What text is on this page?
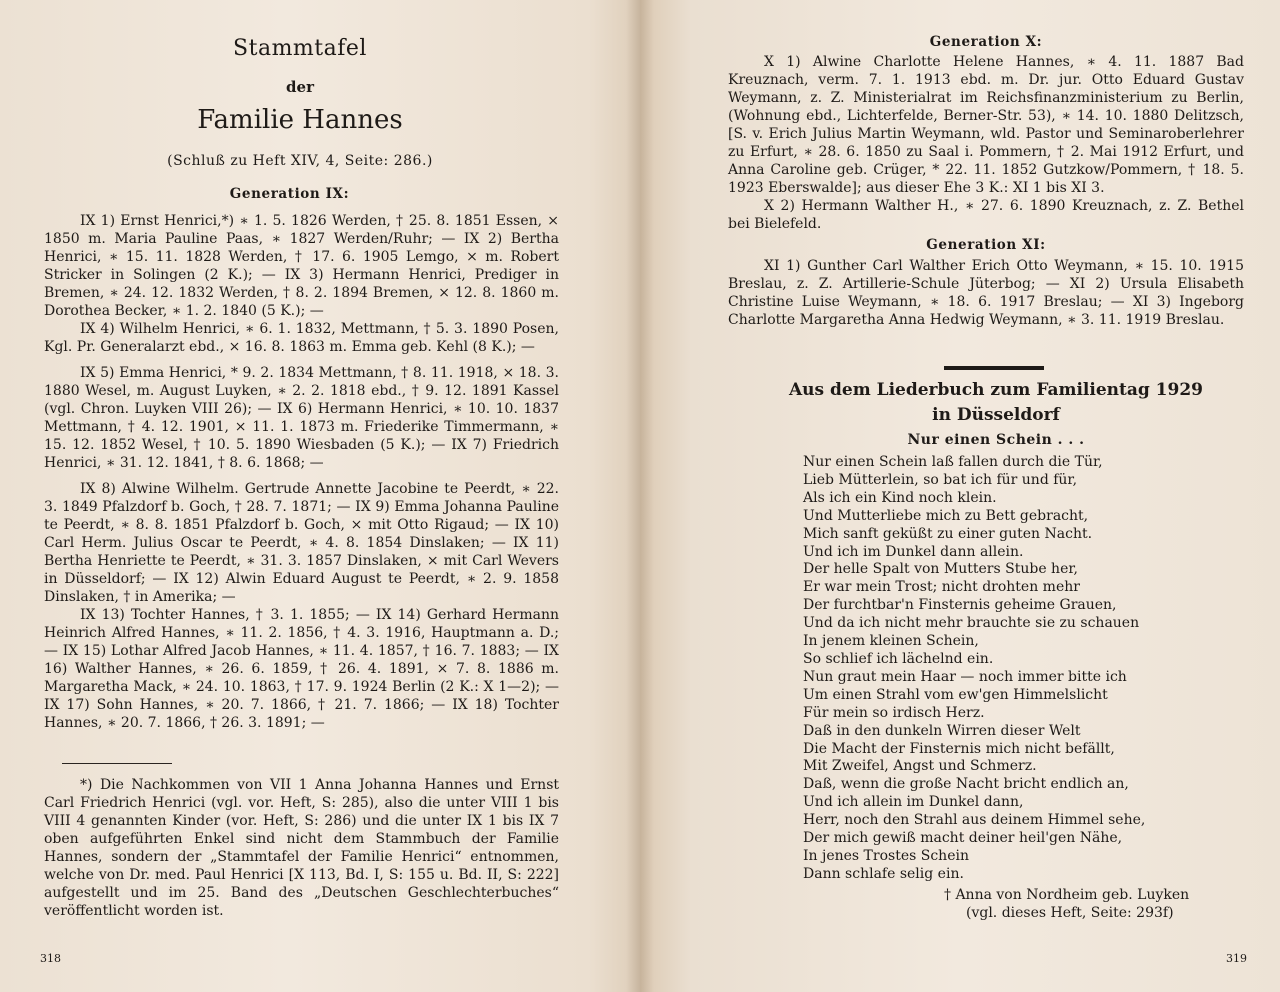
Stammtafel
der
Familie Hannes
(Schluß zu Heft XIV, 4, Seite: 286.)
Generation IX:

IX 1) Ernst Henrici,*) ∗ 1. 5. 1826 Werden, † 25. 8. 1851 Essen, × 1850 m. Maria Pauline Paas, ∗ 1827 Werden/Ruhr; — IX 2) Bertha Henrici, ∗ 15. 11. 1828 Werden, † 17. 6. 1905 Lemgo, × m. Robert Stricker in Solingen (2 K.); — IX 3) Hermann Henrici, Prediger in Bremen, ∗ 24. 12. 1832 Werden, † 8. 2. 1894 Bremen, × 12. 8. 1860 m. Dorothea Becker, ∗ 1. 2. 1840 (5 K.); —

IX 4) Wilhelm Henrici, ∗ 6. 1. 1832, Mettmann, † 5. 3. 1890 Posen, Kgl. Pr. Generalarzt ebd., × 16. 8. 1863 m. Emma geb. Kehl (8 K.); —

IX 5) Emma Henrici, * 9. 2. 1834 Mettmann, † 8. 11. 1918, × 18. 3. 1880 Wesel, m. August Luyken, ∗ 2. 2. 1818 ebd., † 9. 12. 1891 Kassel (vgl. Chron. Luyken VIII 26); — IX 6) Hermann Henrici, ∗ 10. 10. 1837 Mettmann, † 4. 12. 1901, × 11. 1. 1873 m. Friederike Timmermann, ∗ 15. 12. 1852 Wesel, † 10. 5. 1890 Wiesbaden (5 K.); — IX 7) Friedrich Henrici, ∗ 31. 12. 1841, † 8. 6. 1868; —

IX 8) Alwine Wilhelm. Gertrude Annette Jacobine te Peerdt, ∗ 22. 3. 1849 Pfalzdorf b. Goch, † 28. 7. 1871; — IX 9) Emma Johanna Pauline te Peerdt, ∗ 8. 8. 1851 Pfalzdorf b. Goch, × mit Otto Rigaud; — IX 10) Carl Herm. Julius Oscar te Peerdt, ∗ 4. 8. 1854 Dinslaken; — IX 11) Bertha Henriette te Peerdt, ∗ 31. 3. 1857 Dinslaken, × mit Carl Wevers in Düsseldorf; — IX 12) Alwin Eduard August te Peerdt, ∗ 2. 9. 1858 Dinslaken, † in Amerika; —

IX 13) Tochter Hannes, † 3. 1. 1855; — IX 14) Gerhard Hermann Heinrich Alfred Hannes, ∗ 11. 2. 1856, † 4. 3. 1916, Hauptmann a. D.; — IX 15) Lothar Alfred Jacob Hannes, ∗ 11. 4. 1857, † 16. 7. 1883; — IX 16) Walther Hannes, ∗ 26. 6. 1859, † 26. 4. 1891, × 7. 8. 1886 m. Margaretha Mack, ∗ 24. 10. 1863, † 17. 9. 1924 Berlin (2 K.: X 1—2); — IX 17) Sohn Hannes, ∗ 20. 7. 1866, † 21. 7. 1866; — IX 18) Tochter Hannes, ∗ 20. 7. 1866, † 26. 3. 1891; —

*) Die Nachkommen von VII 1 Anna Johanna Hannes und Ernst Carl Friedrich Henrici (vgl. vor. Heft, S: 285), also die unter VIII 1 bis VIII 4 genannten Kinder (vor. Heft, S: 286) und die unter IX 1 bis IX 7 oben aufgeführten Enkel sind nicht dem Stammbuch der Familie Hannes, sondern der „Stammtafel der Familie Henrici“ entnommen, welche von Dr. med. Paul Henrici [X 113, Bd. I, S: 155 u. Bd. II, S: 222] aufgestellt und im 25. Band des „Deutschen Geschlechterbuches“ veröffentlicht worden ist.

318
Generation X:

X 1) Alwine Charlotte Helene Hannes, ∗ 4. 11. 1887 Bad Kreuznach, verm. 7. 1. 1913 ebd. m. Dr. jur. Otto Eduard Gustav Weymann, z. Z. Ministerialrat im Reichsfinanzministerium zu Berlin, (Wohnung ebd., Lichterfelde, Berner-Str. 53), ∗ 14. 10. 1880 Delitzsch, [S. v. Erich Julius Martin Weymann, wld. Pastor und Seminaroberlehrer zu Erfurt, ∗ 28. 6. 1850 zu Saal i. Pommern, † 2. Mai 1912 Erfurt, und Anna Caroline geb. Crüger, * 22. 11. 1852 Gutzkow/Pommern, † 18. 5. 1923 Eberswalde]; aus dieser Ehe 3 K.: XI 1 bis XI 3.

X 2) Hermann Walther H., ∗ 27. 6. 1890 Kreuznach, z. Z. Bethel bei Bielefeld.

Generation XI:

XI 1) Gunther Carl Walther Erich Otto Weymann, ∗ 15. 10. 1915 Breslau, z. Z. Artillerie-Schule Jüterbog; — XI 2) Ursula Elisabeth Christine Luise Weymann, ∗ 18. 6. 1917 Breslau; — XI 3) Ingeborg Charlotte Margaretha Anna Hedwig Weymann, ∗ 3. 11. 1919 Breslau.

Aus dem Liederbuch zum Familientag 1929
in Düsseldorf
Nur einen Schein . . .
Nur einen Schein laß fallen durch die Tür,
Lieb Mütterlein, so bat ich für und für,
Als ich ein Kind noch klein.
Und Mutterliebe mich zu Bett gebracht,
Mich sanft geküßt zu einer guten Nacht.
Und ich im Dunkel dann allein.
Der helle Spalt von Mutters Stube her,
Er war mein Trost; nicht drohten mehr
Der furchtbar'n Finsternis geheime Grauen,
Und da ich nicht mehr brauchte sie zu schauen
In jenem kleinen Schein,
So schlief ich lächelnd ein.
Nun graut mein Haar — noch immer bitte ich
Um einen Strahl vom ew'gen Himmelslicht
Für mein so irdisch Herz.
Daß in den dunkeln Wirren dieser Welt
Die Macht der Finsternis mich nicht befällt,
Mit Zweifel, Angst und Schmerz.
Daß, wenn die große Nacht bricht endlich an,
Und ich allein im Dunkel dann,
Herr, noch den Strahl aus deinem Himmel sehe,
Der mich gewiß macht deiner heil'gen Nähe,
In jenes Trostes Schein
Dann schlafe selig ein.
† Anna von Nordheim geb. Luyken
(vgl. dieses Heft, Seite: 293f)
319
